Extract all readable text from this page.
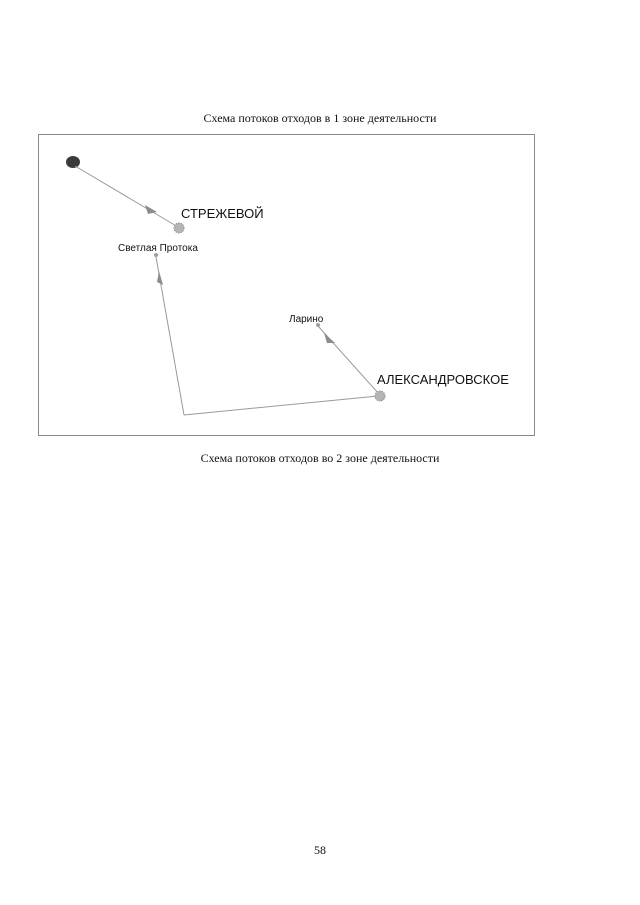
Схема потоков отходов в 1 зоне деятельности
СТРЕЖЕВОЙ
Светлая Протока
Ларино
АЛЕКСАНДРОВСКОЕ
Схема потоков отходов во 2 зоне деятельности
58
